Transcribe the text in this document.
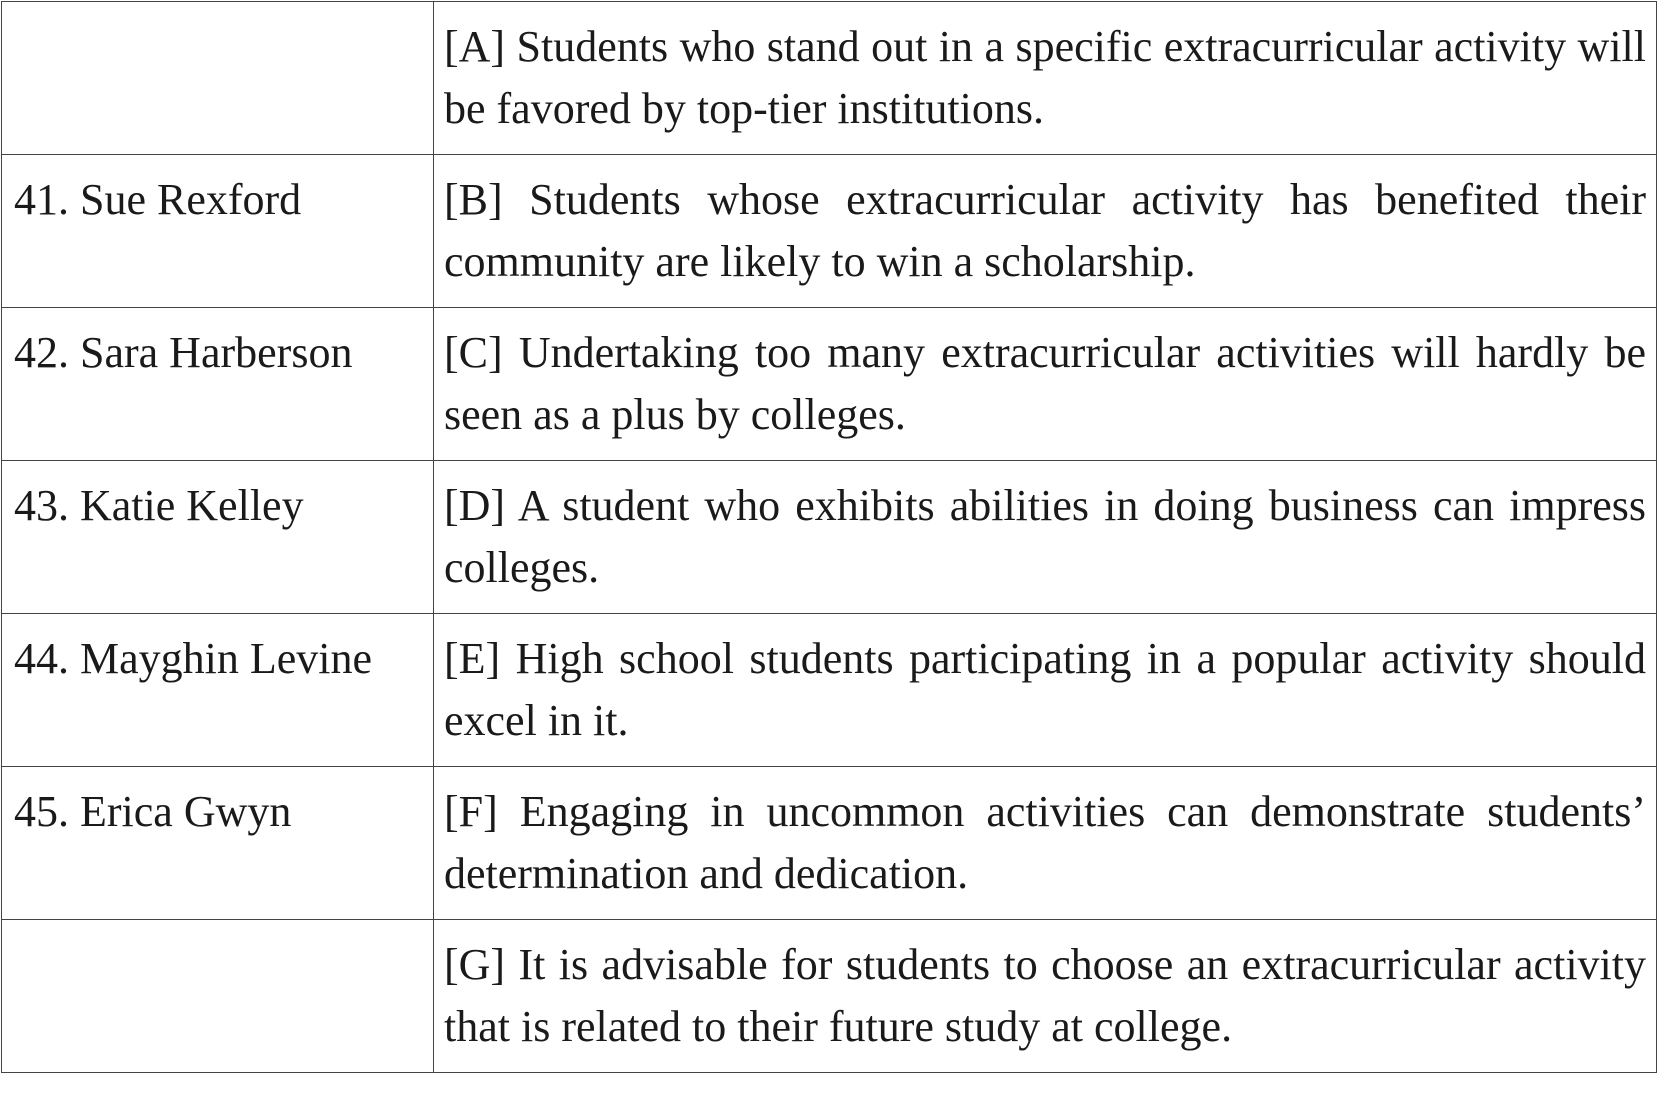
	[A] Students who stand out in a specific extracurricular activity will be favored by top-tier institutions.
41. Sue Rexford	[B] Students whose extracurricular activity has benefited their community are likely to win a scholarship.
42. Sara Harberson	[C] Undertaking too many extracurricular activities will hardly be seen as a plus by colleges.
43. Katie Kelley	[D] A student who exhibits abilities in doing business can impress colleges.
44. Mayghin Levine	[E] High school students participating in a popular activity should excel in it.
45. Erica Gwyn	[F] Engaging in uncommon activities can demonstrate students’ determination and dedication.
	[G] It is advisable for students to choose an extracurricular activity that is related to their future study at college.
